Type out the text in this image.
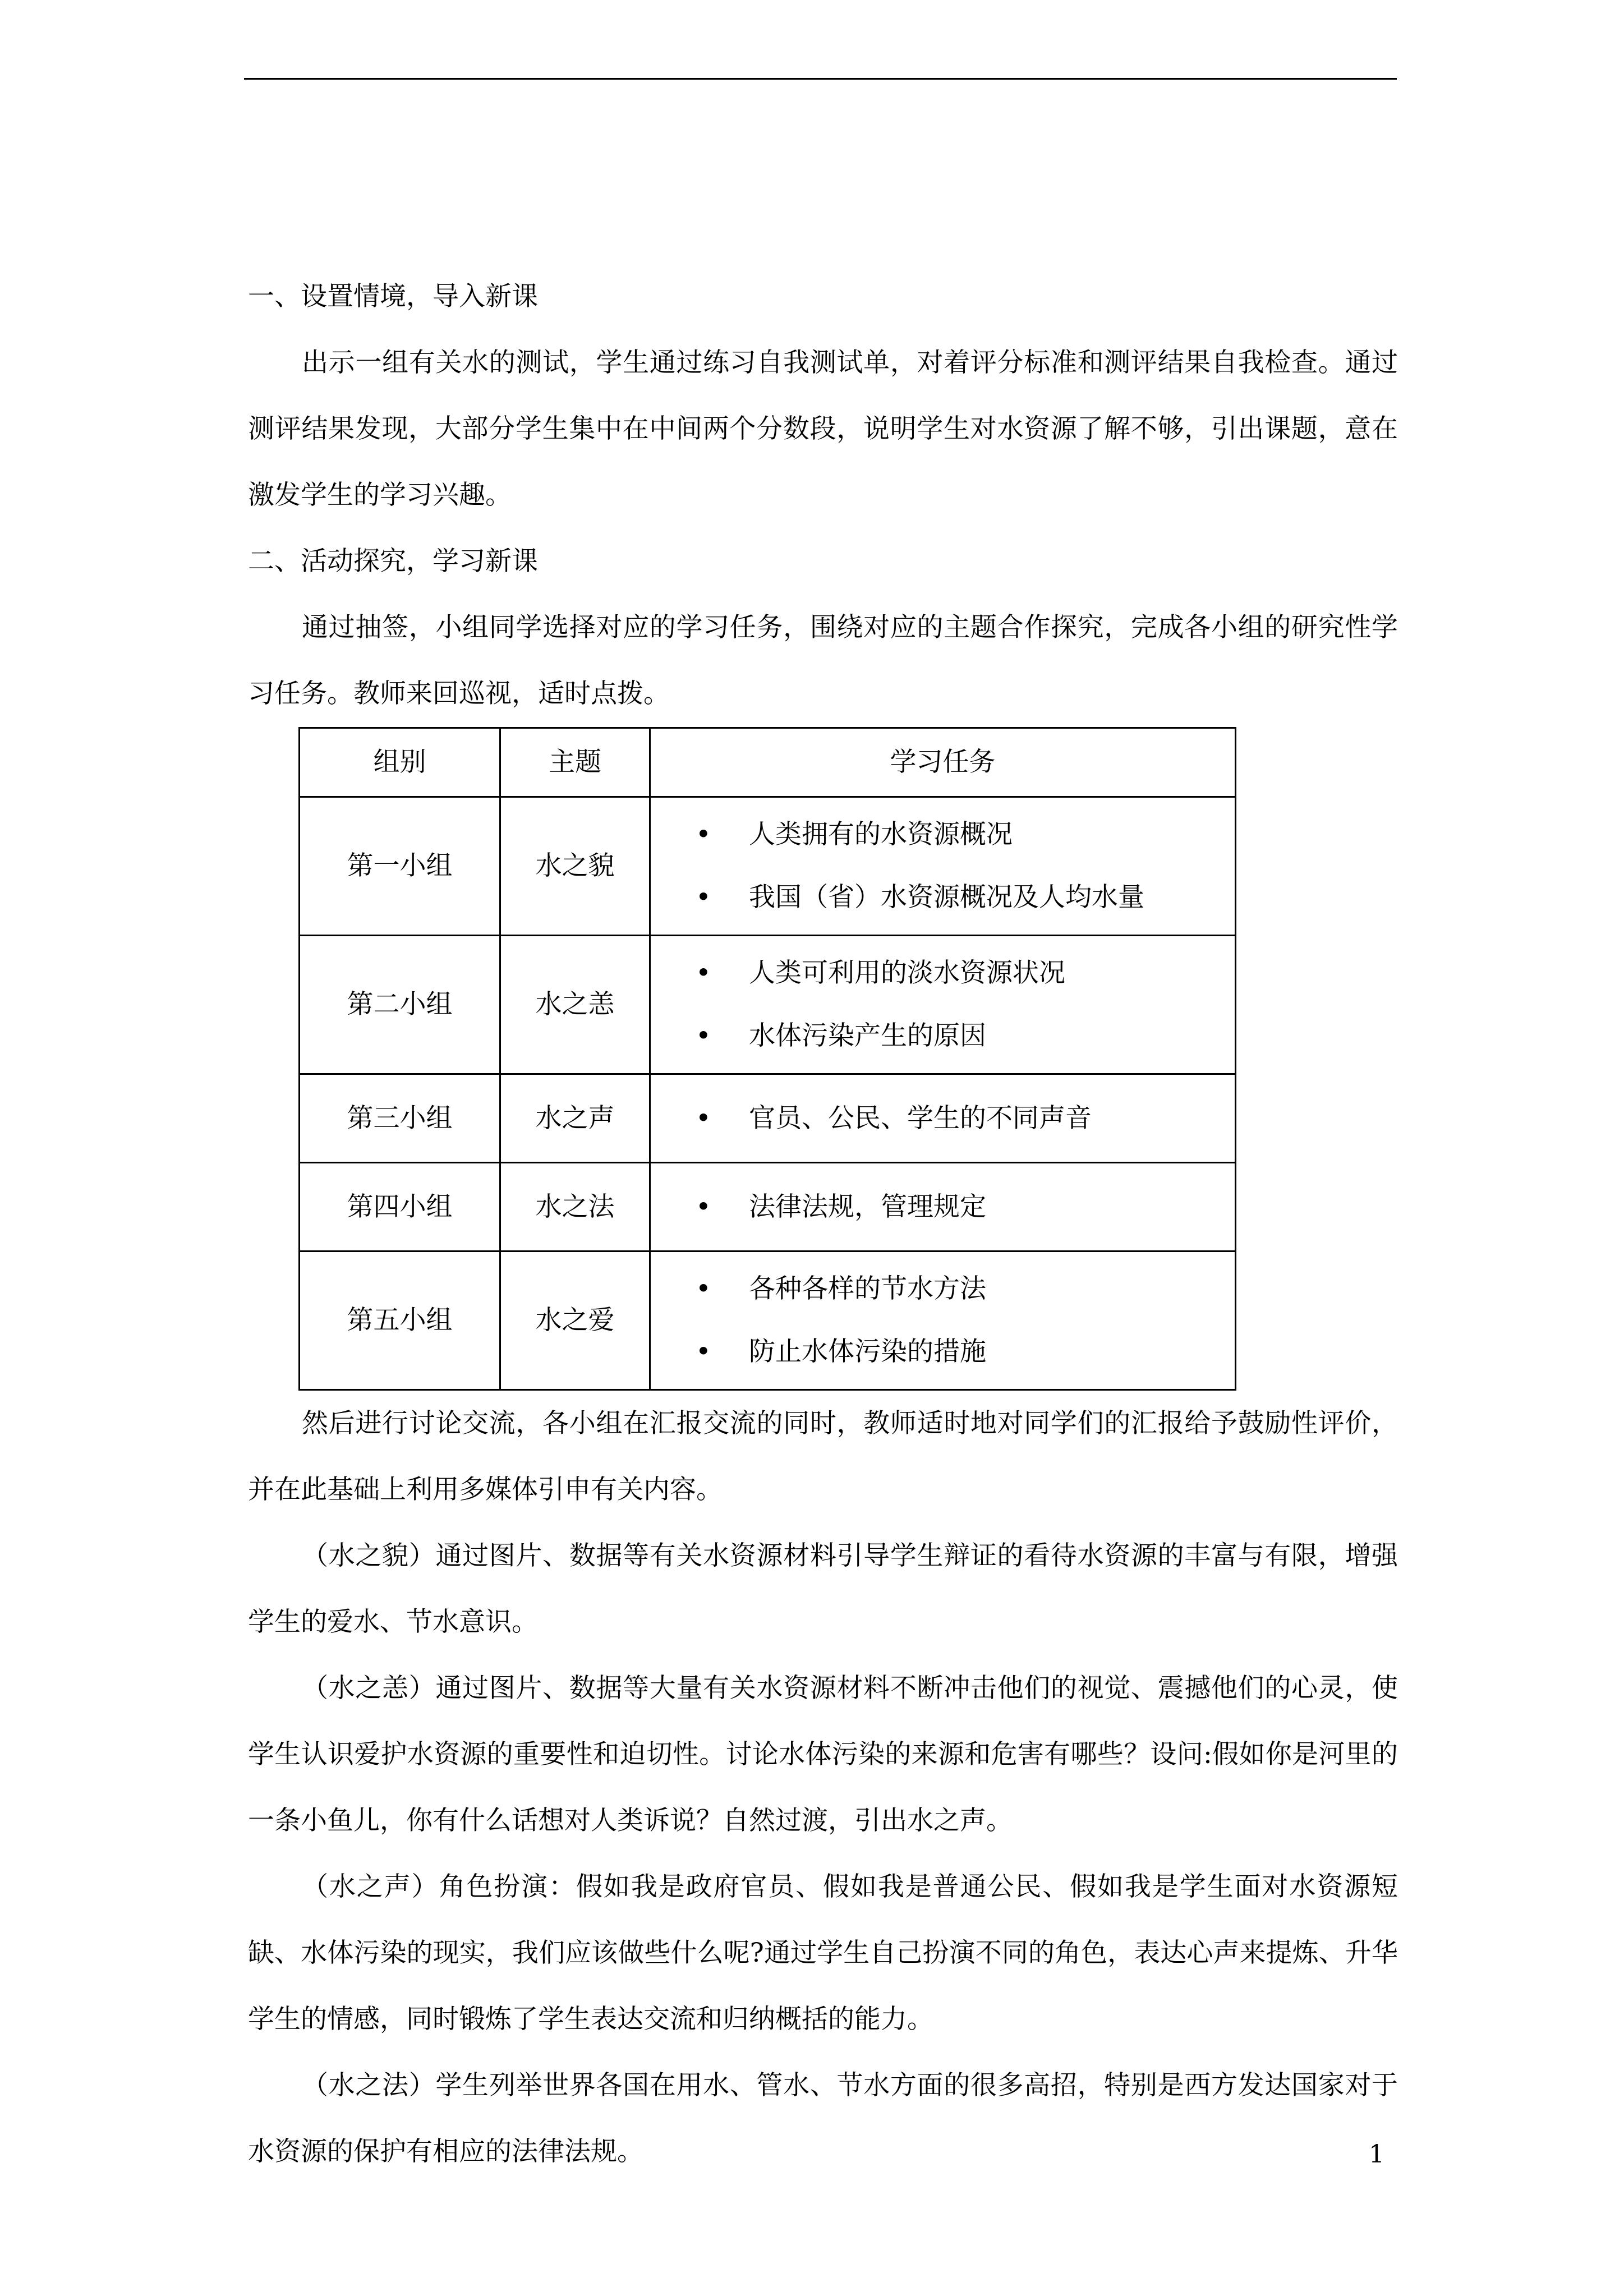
一、设置情境，导入新课

出示一组有关水的测试，学生通过练习自我测试单，对着评分标准和测评结果自我检查。通过测评结果发现，大部分学生集中在中间两个分数段，说明学生对水资源了解不够，引出课题，意在激发学生的学习兴趣。

二、活动探究，学习新课

通过抽签，小组同学选择对应的学习任务，围绕对应的主题合作探究，完成各小组的研究性学习任务。教师来回巡视，适时点拨。

组别	主题	学习任务
第一小组	水之貌	• 人类拥有的水资源概况
• 我国（省）水资源概况及人均水量

第二小组	水之恙	• 人类可利用的淡水资源状况
• 水体污染产生的原因

第三小组	水之声	• 官员、公民、学生的不同声音

第四小组	水之法	• 法律法规，管理规定

第五小组	水之爱	• 各种各样的节水方法
• 防止水体污染的措施

然后进行讨论交流，各小组在汇报交流的同时，教师适时地对同学们的汇报给予鼓励性评价，并在此基础上利用多媒体引申有关内容。

（水之貌）通过图片、数据等有关水资源材料引导学生辩证的看待水资源的丰富与有限，增强学生的爱水、节水意识。

（水之恙）通过图片、数据等大量有关水资源材料不断冲击他们的视觉、震撼他们的心灵，使学生认识爱护水资源的重要性和迫切性。讨论水体污染的来源和危害有哪些？设问:假如你是河里的一条小鱼儿，你有什么话想对人类诉说？自然过渡，引出水之声。

（水之声）角色扮演：假如我是政府官员、假如我是普通公民、假如我是学生面对水资源短缺、水体污染的现实，我们应该做些什么呢?通过学生自己扮演不同的角色，表达心声来提炼、升华学生的情感，同时锻炼了学生表达交流和归纳概括的能力。

（水之法）学生列举世界各国在用水、管水、节水方面的很多高招，特别是西方发达国家对于水资源的保护有相应的法律法规。	1
